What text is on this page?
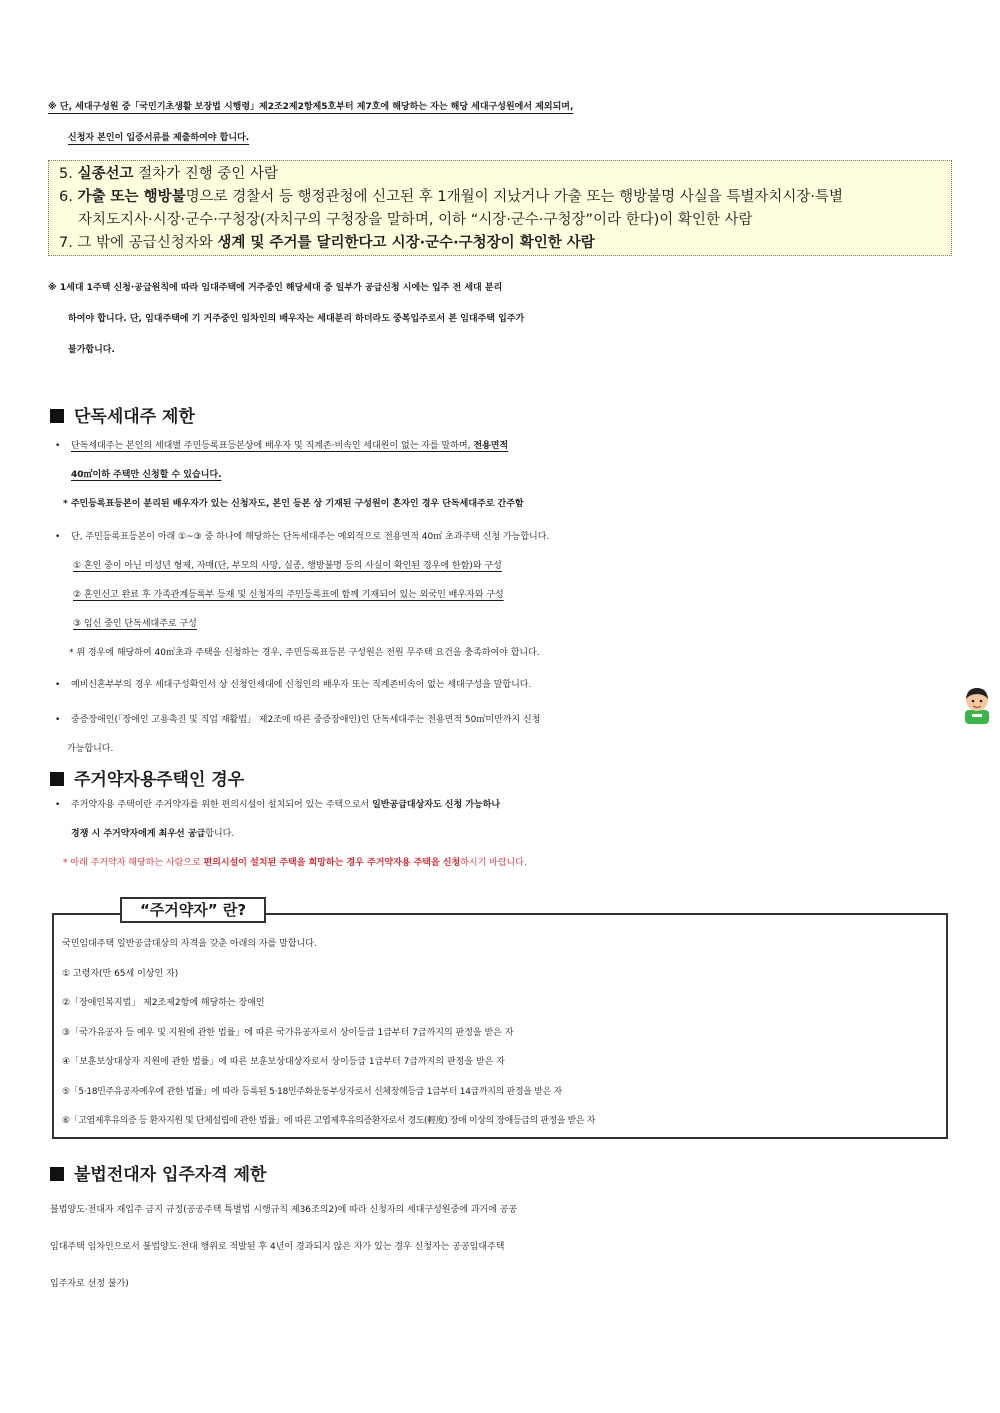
※ 단, 세대구성원 중「국민기초생활 보장법 시행령」제2조2제2항제5호부터 제7호에 해당하는 자는 해당 세대구성원에서 제외되며,
신청자 본인이 입증서류를 제출하여야 합니다.
5. 실종선고 절차가 진행 중인 사람
6. 가출 또는 행방불명으로 경찰서 등 행정관청에 신고된 후 1개월이 지났거나 가출 또는 행방불명 사실을 특별자치시장·특별
자치도지사·시장·군수·구청장(자치구의 구청장을 말하며, 이하 “시장·군수·구청장”이라 한다)이 확인한 사람
7. 그 밖에 공급신청자와 생계 및 주거를 달리한다고 시장·군수·구청장이 확인한 사람
※ 1세대 1주택 신청·공급원칙에 따라 임대주택에 거주중인 해당세대 중 일부가 공급신청 시에는 입주 전 세대 분리
하여야 합니다. 단, 임대주택에 기 거주중인 임차인의 배우자는 세대분리 하더라도 중복입주로서 본 임대주택 입주가
불가합니다.
단독세대주 제한
• 단독세대주는 본인의 세대별 주민등록표등본상에 배우자 및 직계존·비속인 세대원이 없는 자를 말하며, 전용면적
40㎡이하 주택만 신청할 수 있습니다.
* 주민등록표등본이 분리된 배우자가 있는 신청자도, 본인 등본 상 기재된 구성원이 혼자인 경우 단독세대주로 간주함
• 단, 주민등록표등본이 아래 ①~③ 중 하나에 해당하는 단독세대주는 예외적으로 전용면적 40㎡ 초과주택 신청 가능합니다.
① 혼인 중이 아닌 미성년 형제, 자매(단, 부모의 사망, 실종, 행방불명 등의 사실이 확인된 경우에 한함)와 구성
② 혼인신고 완료 후 가족관계등록부 등재 및 신청자의 주민등록표에 함께 기재되어 있는 외국인 배우자와 구성
③ 임신 중인 단독세대주로 구성
* 위 경우에 해당하여 40㎡초과 주택을 신청하는 경우, 주민등록표등본 구성원은 전원 무주택 요건을 충족하여야 합니다.
• 예비신혼부부의 경우 세대구성확인서 상 신청인세대에 신청인의 배우자 또는 직계존비속이 없는 세대구성을 말합니다.
• 중증장애인(「장애인 고용촉진 및 직업 재활법」 제2조에 따른 중증장애인)인 단독세대주는 전용면적 50㎡미만까지 신청
가능합니다.
주거약자용주택인 경우
• 주거약자용 주택이란 주거약자를 위한 편의시설이 설치되어 있는 주택으로서 일반공급대상자도 신청 가능하나
경쟁 시 주거약자에게 최우선 공급합니다.
* 아래 주거약자 해당하는 사람으로 편의시설이 설치된 주택을 희망하는 경우 주거약자용 주택을 신청하시기 바랍니다.
“주거약자” 란?
국민임대주택 일반공급대상의 자격을 갖춘 아래의 자를 말합니다.
① 고령자(만 65세 이상인 자)
②「장애인복지법」 제2조제2항에 해당하는 장애인
③「국가유공자 등 예우 및 지원에 관한 법률」에 따른 국가유공자로서 상이등급 1급부터 7급까지의 판정을 받은 자
④「보훈보상대상자 지원에 관한 법률」에 따른 보훈보상대상자로서 상이등급 1급부터 7급까지의 판정을 받은 자
⑤「5·18민주유공자예우에 관한 법률」에 따라 등록된 5·18민주화운동부상자로서 신체장해등급 1급부터 14급까지의 판정을 받은 자
⑥「고엽제후유의증 등 환자지원 및 단체설립에 관한 법률」에 따른 고엽제후유의증환자로서 경도(輕度) 장애 이상의 장애등급의 판정을 받은 자
불법전대자 입주자격 제한
불법양도·전대자 재입주 금지 규정(공공주택 특별법 시행규칙 제36조의2)에 따라 신청자의 세대구성원중에 과거에 공공
임대주택 임차인으로서 불법양도·전대 행위로 적발된 후 4년이 경과되지 않은 자가 있는 경우 신청자는 공공임대주택
입주자로 선정 불가)
